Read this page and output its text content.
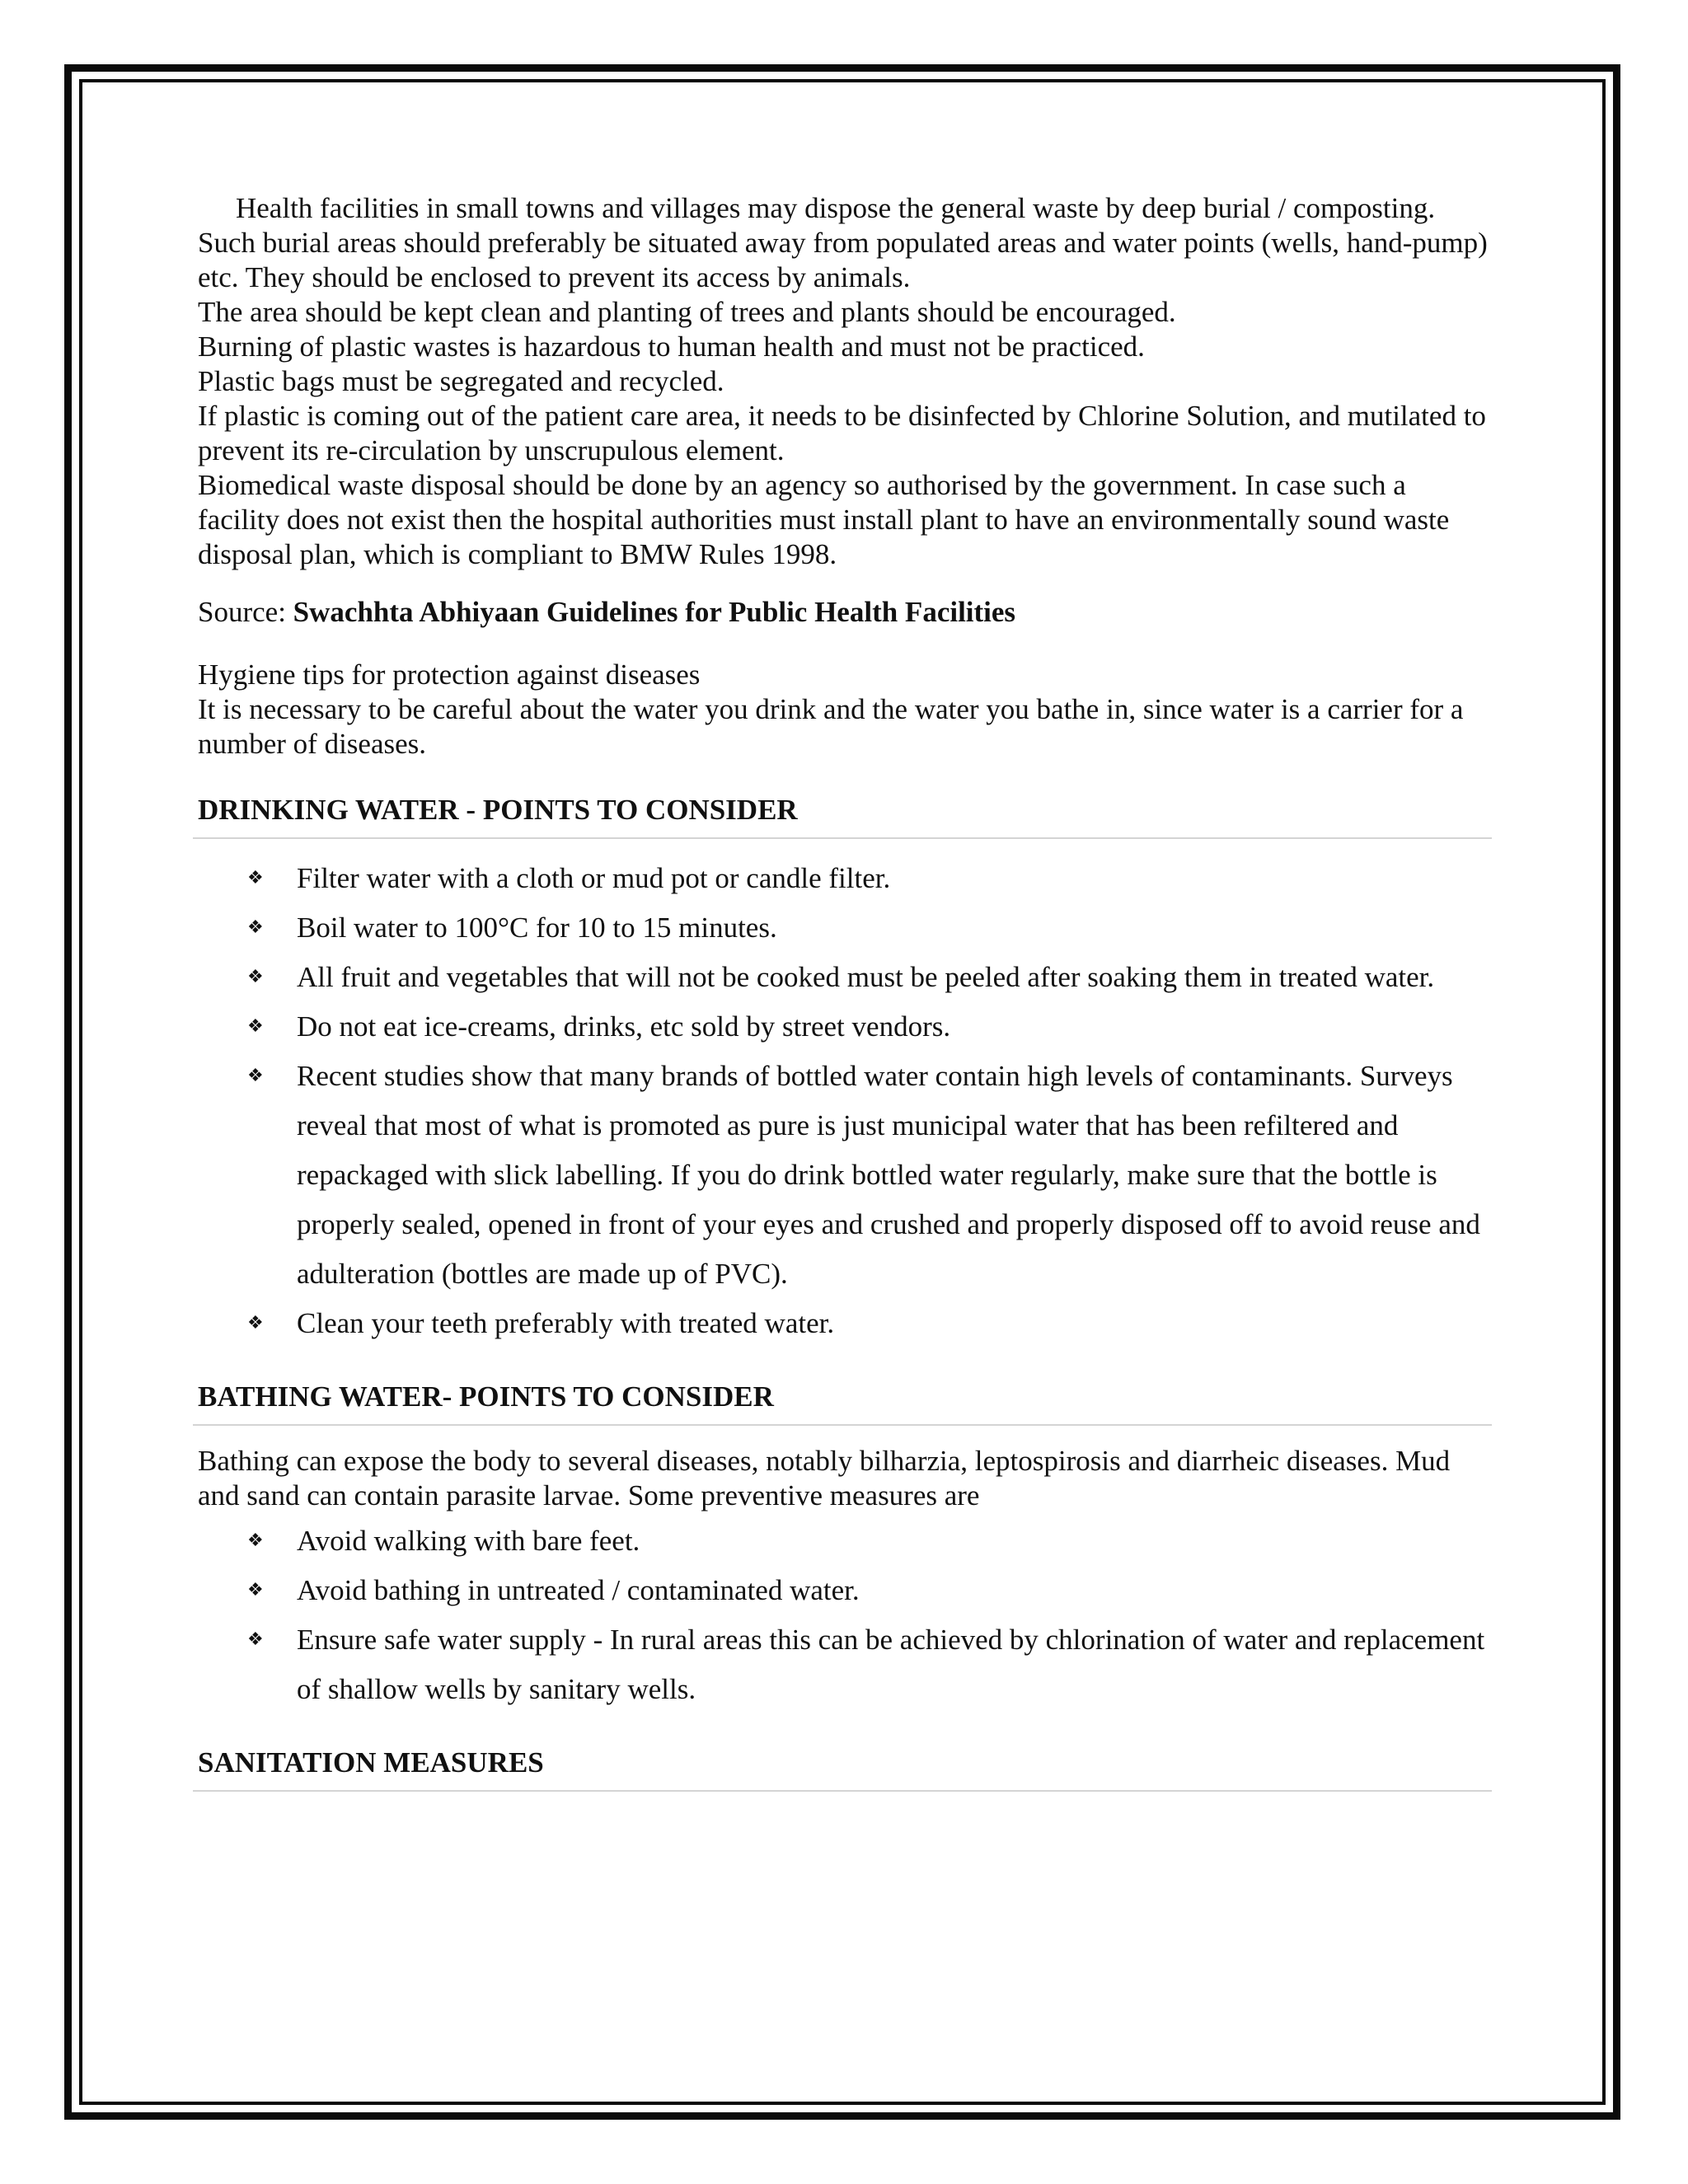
Health facilities in small towns and villages may dispose the general waste by deep burial / composting. Such burial areas should preferably be situated away from populated areas and water points (wells, hand-pump) etc. They should be enclosed to prevent its access by animals.

The area should be kept clean and planting of trees and plants should be encouraged.

Burning of plastic wastes is hazardous to human health and must not be practiced.

Plastic bags must be segregated and recycled.

If plastic is coming out of the patient care area, it needs to be disinfected by Chlorine Solution, and mutilated to prevent its re-circulation by unscrupulous element.

Biomedical waste disposal should be done by an agency so authorised by the government. In case such a facility does not exist then the hospital authorities must install plant to have an environmentally sound waste disposal plan, which is compliant to BMW Rules 1998.

Source: Swachhta Abhiyaan Guidelines for Public Health Facilities

Hygiene tips for protection against diseases

It is necessary to be careful about the water you drink and the water you bathe in, since water is a carrier for a number of diseases.

DRINKING WATER - POINTS TO CONSIDER
❖ Filter water with a cloth or mud pot or candle filter.
❖ Boil water to 100°C for 10 to 15 minutes.
❖ All fruit and vegetables that will not be cooked must be peeled after soaking them in treated water.
❖ Do not eat ice-creams, drinks, etc sold by street vendors.
❖ Recent studies show that many brands of bottled water contain high levels of contaminants. Surveys reveal that most of what is promoted as pure is just municipal water that has been refiltered and repackaged with slick labelling. If you do drink bottled water regularly, make sure that the bottle is properly sealed, opened in front of your eyes and crushed and properly disposed off to avoid reuse and adulteration (bottles are made up of PVC).
❖ Clean your teeth preferably with treated water.
BATHING WATER- POINTS TO CONSIDER

Bathing can expose the body to several diseases, notably bilharzia, leptospirosis and diarrheic diseases. Mud and sand can contain parasite larvae. Some preventive measures are

❖ Avoid walking with bare feet.
❖ Avoid bathing in untreated / contaminated water.
❖ Ensure safe water supply - In rural areas this can be achieved by chlorination of water and replacement of shallow wells by sanitary wells.
SANITATION MEASURES
